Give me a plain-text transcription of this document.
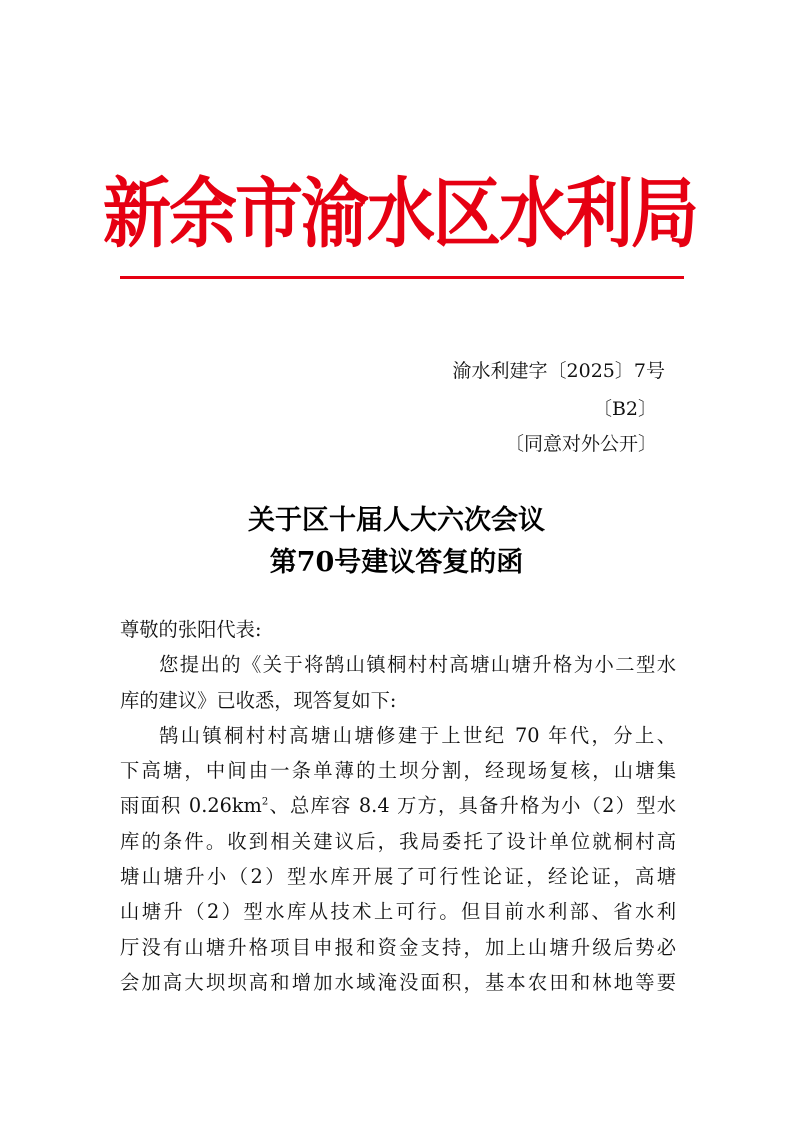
新余市渝水区水利局
渝水利建字〔2025〕7号
〔B2〕
〔同意对外公开〕
关于区十届人大六次会议
第70号建议答复的函
尊敬的张阳代表:
您提出的《关于将鹄山镇桐村村高塘山塘升格为小二型水
库的建议》已收悉，现答复如下:
鹄山镇桐村村高塘山塘修建于上世纪 70 年代，分上、
下高塘，中间由一条单薄的土坝分割，经现场复核，山塘集
雨面积 $0.26km^2$、总库容 8.4 万方，具备升格为小（2）型水
库的条件。收到相关建议后，我局委托了设计单位就桐村高
塘山塘升小（2）型水库开展了可行性论证，经论证，高塘
山塘升（2）型水库从技术上可行。但目前水利部、省水利
厅没有山塘升格项目申报和资金支持，加上山塘升级后势必
会加高大坝坝高和增加水域淹没面积，基本农田和林地等要
